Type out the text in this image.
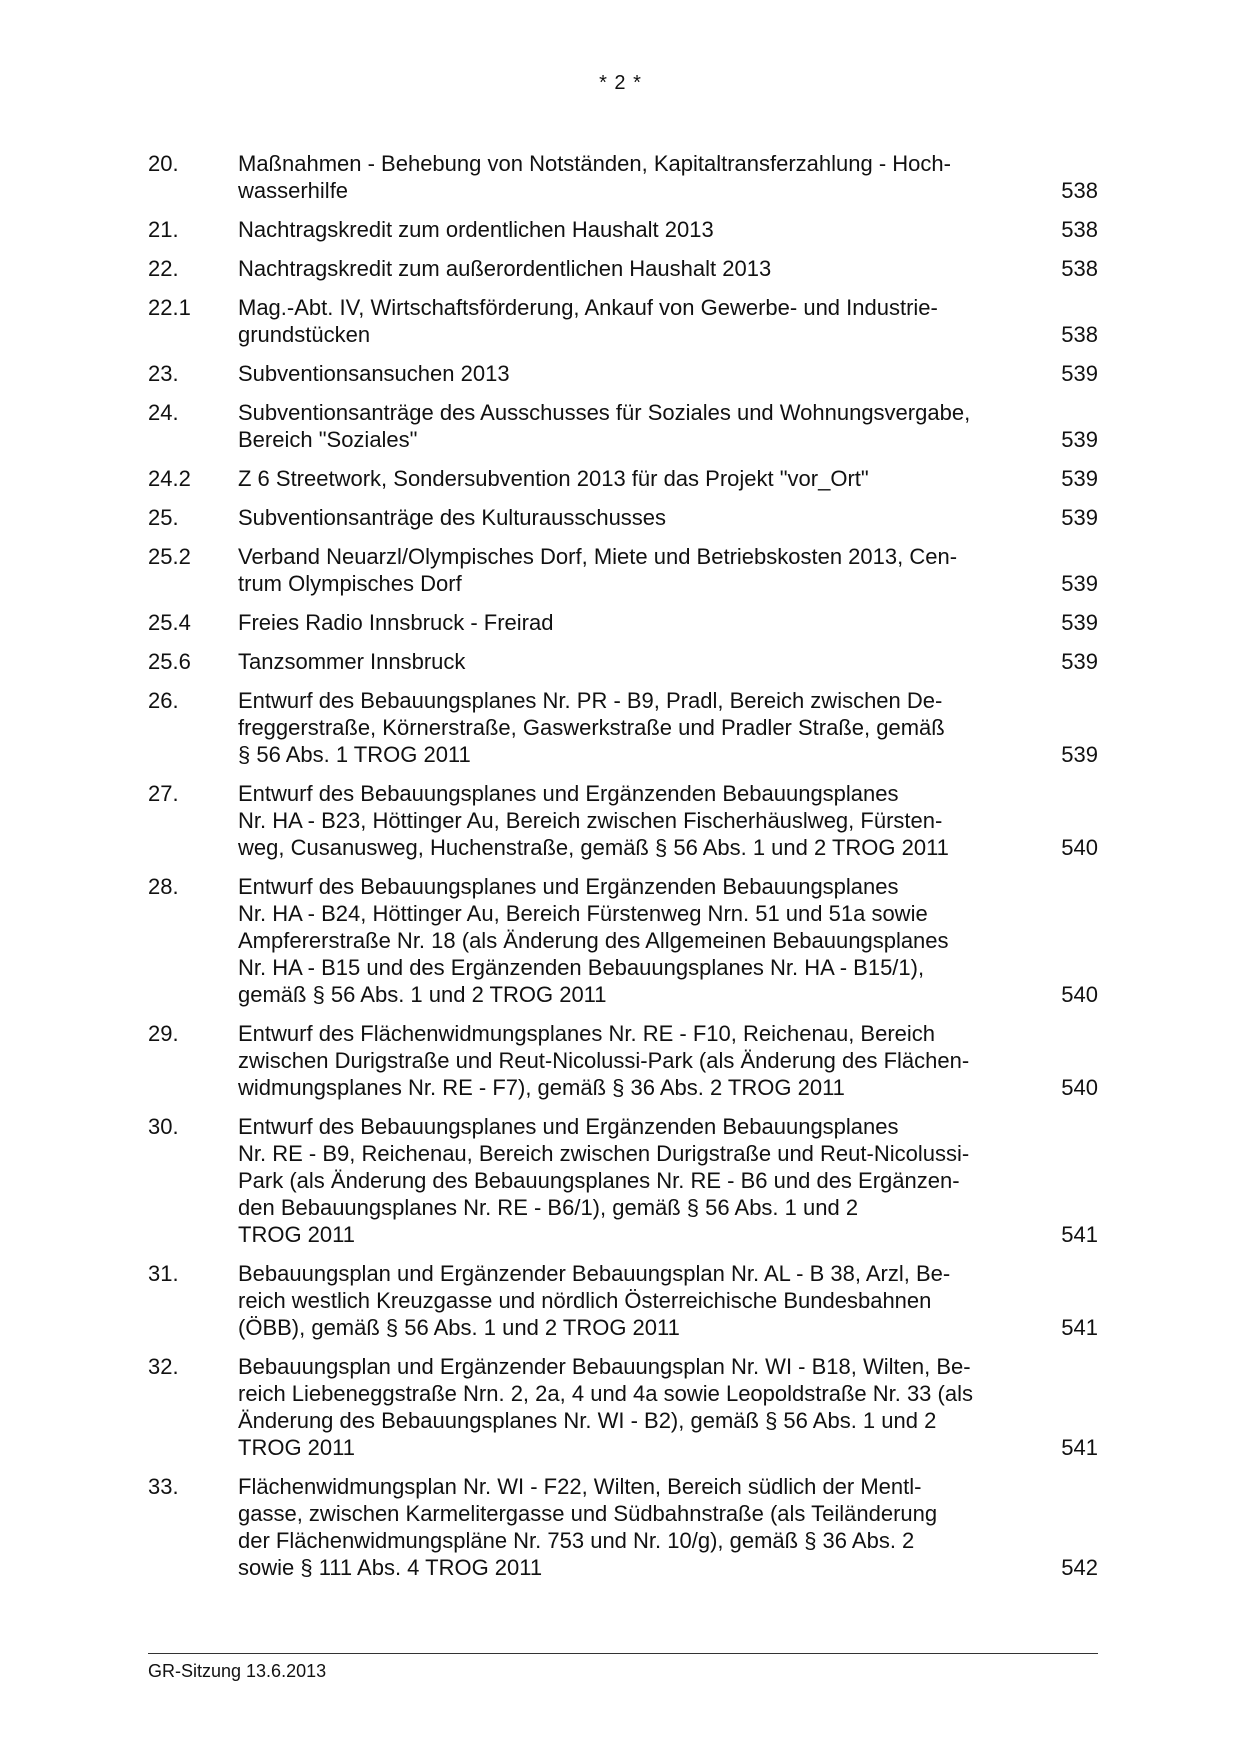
* 2 *
20.	Maßnahmen - Behebung von Notständen, Kapitaltransferzahlung - Hoch-
wasserhilfe	538
21.	Nachtragskredit zum ordentlichen Haushalt 2013	538
22.	Nachtragskredit zum außerordentlichen Haushalt 2013	538
22.1	Mag.-Abt. IV, Wirtschaftsförderung, Ankauf von Gewerbe- und Industrie-
grundstücken	538
23.	Subventionsansuchen 2013	539
24.	Subventionsanträge des Ausschusses für Soziales und Wohnungsvergabe,
Bereich "Soziales"	539
24.2	Z 6 Streetwork, Sondersubvention 2013 für das Projekt "vor_Ort"	539
25.	Subventionsanträge des Kulturausschusses	539
25.2	Verband Neuarzl/Olympisches Dorf, Miete und Betriebskosten 2013, Cen-
trum Olympisches Dorf	539
25.4	Freies Radio Innsbruck - Freirad	539
25.6	Tanzsommer Innsbruck	539
26.	Entwurf des Bebauungsplanes Nr. PR - B9, Pradl, Bereich zwischen De-
freggerstraße, Körnerstraße, Gaswerkstraße und Pradler Straße, gemäß
§ 56 Abs. 1 TROG 2011	539
27.	Entwurf des Bebauungsplanes und Ergänzenden Bebauungsplanes
Nr. HA - B23, Höttinger Au, Bereich zwischen Fischerhäuslweg, Fürsten-
weg, Cusanusweg, Huchenstraße, gemäß § 56 Abs. 1 und 2 TROG 2011	540
28.	Entwurf des Bebauungsplanes und Ergänzenden Bebauungsplanes
Nr. HA - B24, Höttinger Au, Bereich Fürstenweg Nrn. 51 und 51a sowie
Ampfererstraße Nr. 18 (als Änderung des Allgemeinen Bebauungsplanes
Nr. HA - B15 und des Ergänzenden Bebauungsplanes Nr. HA - B15/1),
gemäß § 56 Abs. 1 und 2 TROG 2011	540
29.	Entwurf des Flächenwidmungsplanes Nr. RE - F10, Reichenau, Bereich
zwischen Durigstraße und Reut-Nicolussi-Park (als Änderung des Flächen-
widmungsplanes Nr. RE - F7), gemäß § 36 Abs. 2 TROG 2011	540
30.	Entwurf des Bebauungsplanes und Ergänzenden Bebauungsplanes
Nr. RE - B9, Reichenau, Bereich zwischen Durigstraße und Reut-Nicolussi-
Park (als Änderung des Bebauungsplanes Nr. RE - B6 und des Ergänzen-
den Bebauungsplanes Nr. RE - B6/1), gemäß § 56 Abs. 1 und 2
TROG 2011	541
31.	Bebauungsplan und Ergänzender Bebauungsplan Nr. AL - B 38, Arzl, Be-
reich westlich Kreuzgasse und nördlich Österreichische Bundesbahnen
(ÖBB), gemäß § 56 Abs. 1 und 2 TROG 2011	541
32.	Bebauungsplan und Ergänzender Bebauungsplan Nr. WI - B18, Wilten, Be-
reich Liebeneggstraße Nrn. 2, 2a, 4 und 4a sowie Leopoldstraße Nr. 33 (als
Änderung des Bebauungsplanes Nr. WI - B2), gemäß § 56 Abs. 1 und 2
TROG 2011	541
33.	Flächenwidmungsplan Nr. WI - F22, Wilten, Bereich südlich der Mentl-
gasse, zwischen Karmelitergasse und Südbahnstraße (als Teiländerung
der Flächenwidmungspläne Nr. 753 und Nr. 10/g), gemäß § 36 Abs. 2
sowie § 111 Abs. 4 TROG 2011	542
GR-Sitzung 13.6.2013
